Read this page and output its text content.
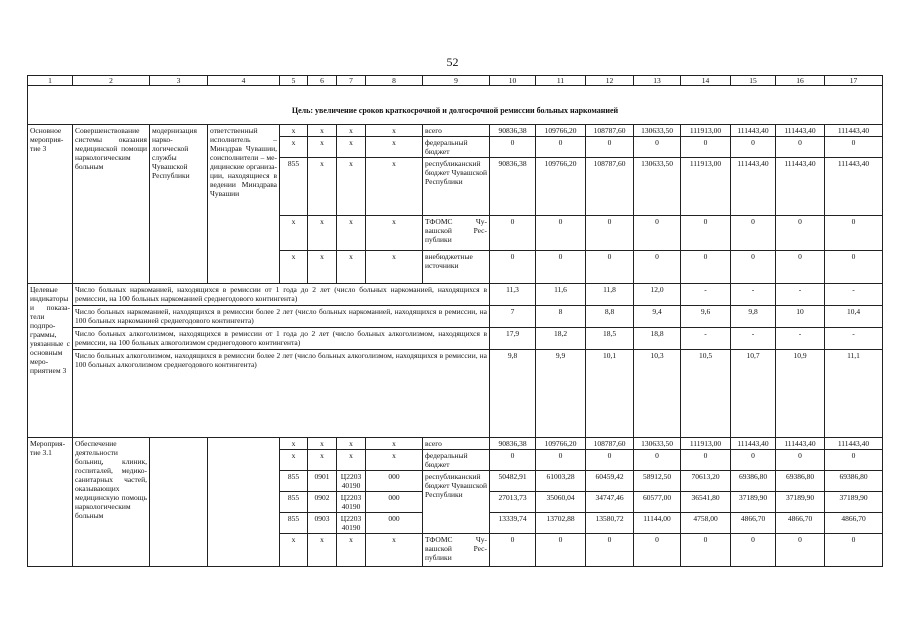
52
1	2	3	4	5	6	7	8	9	10	11	12	13	14	15	16	17
Цель: увеличение сроков краткосрочной и долгосрочной ремиссии больных наркоманией																
Основное мероприятие 3	Совершенствование системы оказания медицинской помощи наркологическим больным	модернизация наркологической службы Чувашской Республики	ответственный исполнитель – Минздрав Чувашии, соисполнители – медицинские организации, находящиеся в ведении Минздрава Чувашии	x	x	x	x	всего	90836,38	109766,20	108787,60	130633,50	111913,00	111443,40	111443,40	111443,40
				x	x	x	x	федеральный бюджет	0	0	0	0	0	0	0	0
				855	x	x	x	республиканский бюджет Чувашской Республики	90836,38	109766,20	108787,60	130633,50	111913,00	111443,40	111443,40	111443,40
				x	x	x	x	ТФОМС Чувашской Республики	0	0	0	0	0	0	0	0
				x	x	x	x	внебюджетные источники	0	0	0	0	0	0	0	0
Целевые индикаторы и показатели подпрограммы, увязанные с основным мероприятием 3	Число больных наркоманией, находящихся в ремиссии от 1 года до 2 лет (число больных наркоманией, находящихся в ремиссии, на 100 больных наркоманией среднегодового контингента)								11,3	11,6	11,8	12,0	-	-	-	-
	Число больных наркоманией, находящихся в ремиссии более 2 лет (число больных наркоманией, находящихся в ремиссии, на 100 больных наркоманией среднегодового контингента)								7	8	8,8	9,4	9,6	9,8	10	10,4
	Число больных алкоголизмом, находящихся в ремиссии от 1 года до 2 лет (число больных алкоголизмом, находящихся в ремиссии, на 100 больных алкоголизмом среднегодового контингента)								17,9	18,2	18,5	18,8	-	-	-	-
	Число больных алкоголизмом, находящихся в ремиссии более 2 лет (число больных алкоголизмом, находящихся в ремиссии, на 100 больных алкоголизмом среднегодового контингента)								9,8	9,9	10,1	10,3	10,5	10,7	10,9	11,1
Мероприятие 3.1	Обеспечение деятельности больниц, клиник, госпиталей, медико-санитарных частей, оказывающих медицинскую помощь наркологическим больным			x	x	x	x	всего	90836,38	109766,20	108787,60	130633,50	111913,00	111443,40	111443,40	111443,40
				x	x	x	x	федеральный бюджет	0	0	0	0	0	0	0	0
				855	0901	Ц2203 40190	000	республиканский бюджет Чувашской Республики	50482,91	61003,28	60459,42	58912,50	70613,20	69386,80	69386,80	69386,80
				855	0902	Ц2203 40190	000		27013,73	35060,04	34747,46	60577,00	36541,80	37189,90	37189,90	37189,90
				855	0903	Ц2203 40190	000		13339,74	13702,88	13580,72	11144,00	4758,00	4866,70	4866,70	4866,70
				x	x	x	x	ТФОМС Чувашской Республики	0	0	0	0	0	0	0	0
